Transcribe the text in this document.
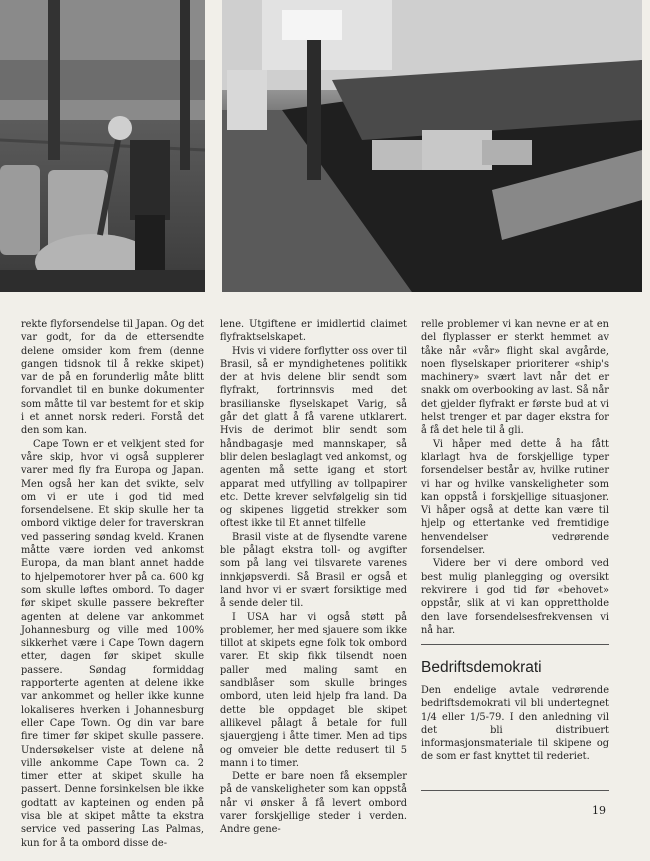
rekte flyforsendelse til Japan. Og det var godt, for da de ettersendte delene omsider kom frem (denne gangen tidsnok til å rekke skipet) var de på en forunderlig måte blitt forvandlet til en bunke dokumenter som måtte til var bestemt for et skip i et annet norsk rederi. Forstå det den som kan.

Cape Town er et velkjent sted for våre skip, hvor vi også supplerer varer med fly fra Europa og Japan. Men også her kan det svikte, selv om vi er ute i god tid med forsendelsene. Et skip skulle her ta ombord viktige deler for traverskran ved passering søndag kveld. Kranen måtte være iorden ved ankomst Europa, da man blant annet hadde to hjelpemotorer hver på ca. 600 kg som skulle løftes ombord. To dager før skipet skulle passere bekrefter agenten at delene var ankommet Johannesburg og ville med 100% sikkerhet være i Cape Town dagern etter, dagen før skipet skulle passere. Søndag formiddag rapporterte agenten at delene ikke var ankommet og heller ikke kunne lokaliseres hverken i Johannesburg eller Cape Town. Og din var bare fire timer før skipet skulle passere. Undersøkelser viste at delene nå ville ankomme Cape Town ca. 2 timer etter at skipet skulle ha passert. Denne forsinkelsen ble ikke godtatt av kapteinen og enden på visa ble at skipet måtte ta ekstra service ved passering Las Palmas, kun for å ta ombord disse de-

lene. Utgiftene er imidlertid claimet flyfraktselskapet.

Hvis vi videre forflytter oss over til Brasil, så er myndighetenes politikk der at hvis delene blir sendt som flyfrakt, fortrinnsvis med det brasilianske flyselskapet Varig, så går det glatt å få varene utklarert. Hvis de derimot blir sendt som håndbagasje med mannskaper, så blir delen beslaglagt ved ankomst, og agenten må sette igang et stort apparat med utfylling av tollpapirer etc. Dette krever selvfølgelig sin tid og skipenes liggetid strekker som oftest ikke til Et annet tilfelle

Brasil viste at de flysendte varene ble pålagt ekstra toll- og avgifter som på lang vei tilsvarete varenes innkjøpsverdi. Så Brasil er også et land hvor vi er svært forsiktige med å sende deler til.

I USA har vi også støtt på problemer, her med sjauere som ikke tillot at skipets egne folk tok ombord varer. Et skip fikk tilsendt noen paller med maling samt en sandblåser som skulle bringes ombord, uten leid hjelp fra land. Da dette ble oppdaget ble skipet allikevel pålagt å betale for full sjauergjeng i åtte timer. Men ad tips og omveier ble dette redusert til 5 mann i to timer.

Dette er bare noen få eksempler på de vanskeligheter som kan oppstå når vi ønsker å få levert ombord varer forskjellige steder i verden. Andre gene-

relle problemer vi kan nevne er at en del flyplasser er sterkt hemmet av tåke når «vår» flight skal avgårde, noen flyselskaper prioriterer «ship's machinery» svært lavt når det er snakk om overbooking av last. Så når det gjelder flyfrakt er første bud at vi helst trenger et par dager ekstra for å få det hele til å gli.

Vi håper med dette å ha fått klarlagt hva de forskjellige typer forsendelser består av, hvilke rutiner vi har og hvilke vanskeligheter som kan oppstå i forskjellige situasjoner. Vi håper også at dette kan være til hjelp og ettertanke ved fremtidige henvendelser vedrørende forsendelser.

Videre ber vi dere ombord ved best mulig planlegging og oversikt rekvirere i god tid før «behovet» oppstår, slik at vi kan opprettholde den lave forsendelsesfrekvensen vi nå har.

Bedriftsdemokrati

Den endelige avtale vedrørende bedriftsdemokrati vil bli undertegnet 1/4 eller 1/5-79. I den anledning vil det bli distribuert informasjonsmateriale til skipene og de som er fast knyttet til rederiet.

19
